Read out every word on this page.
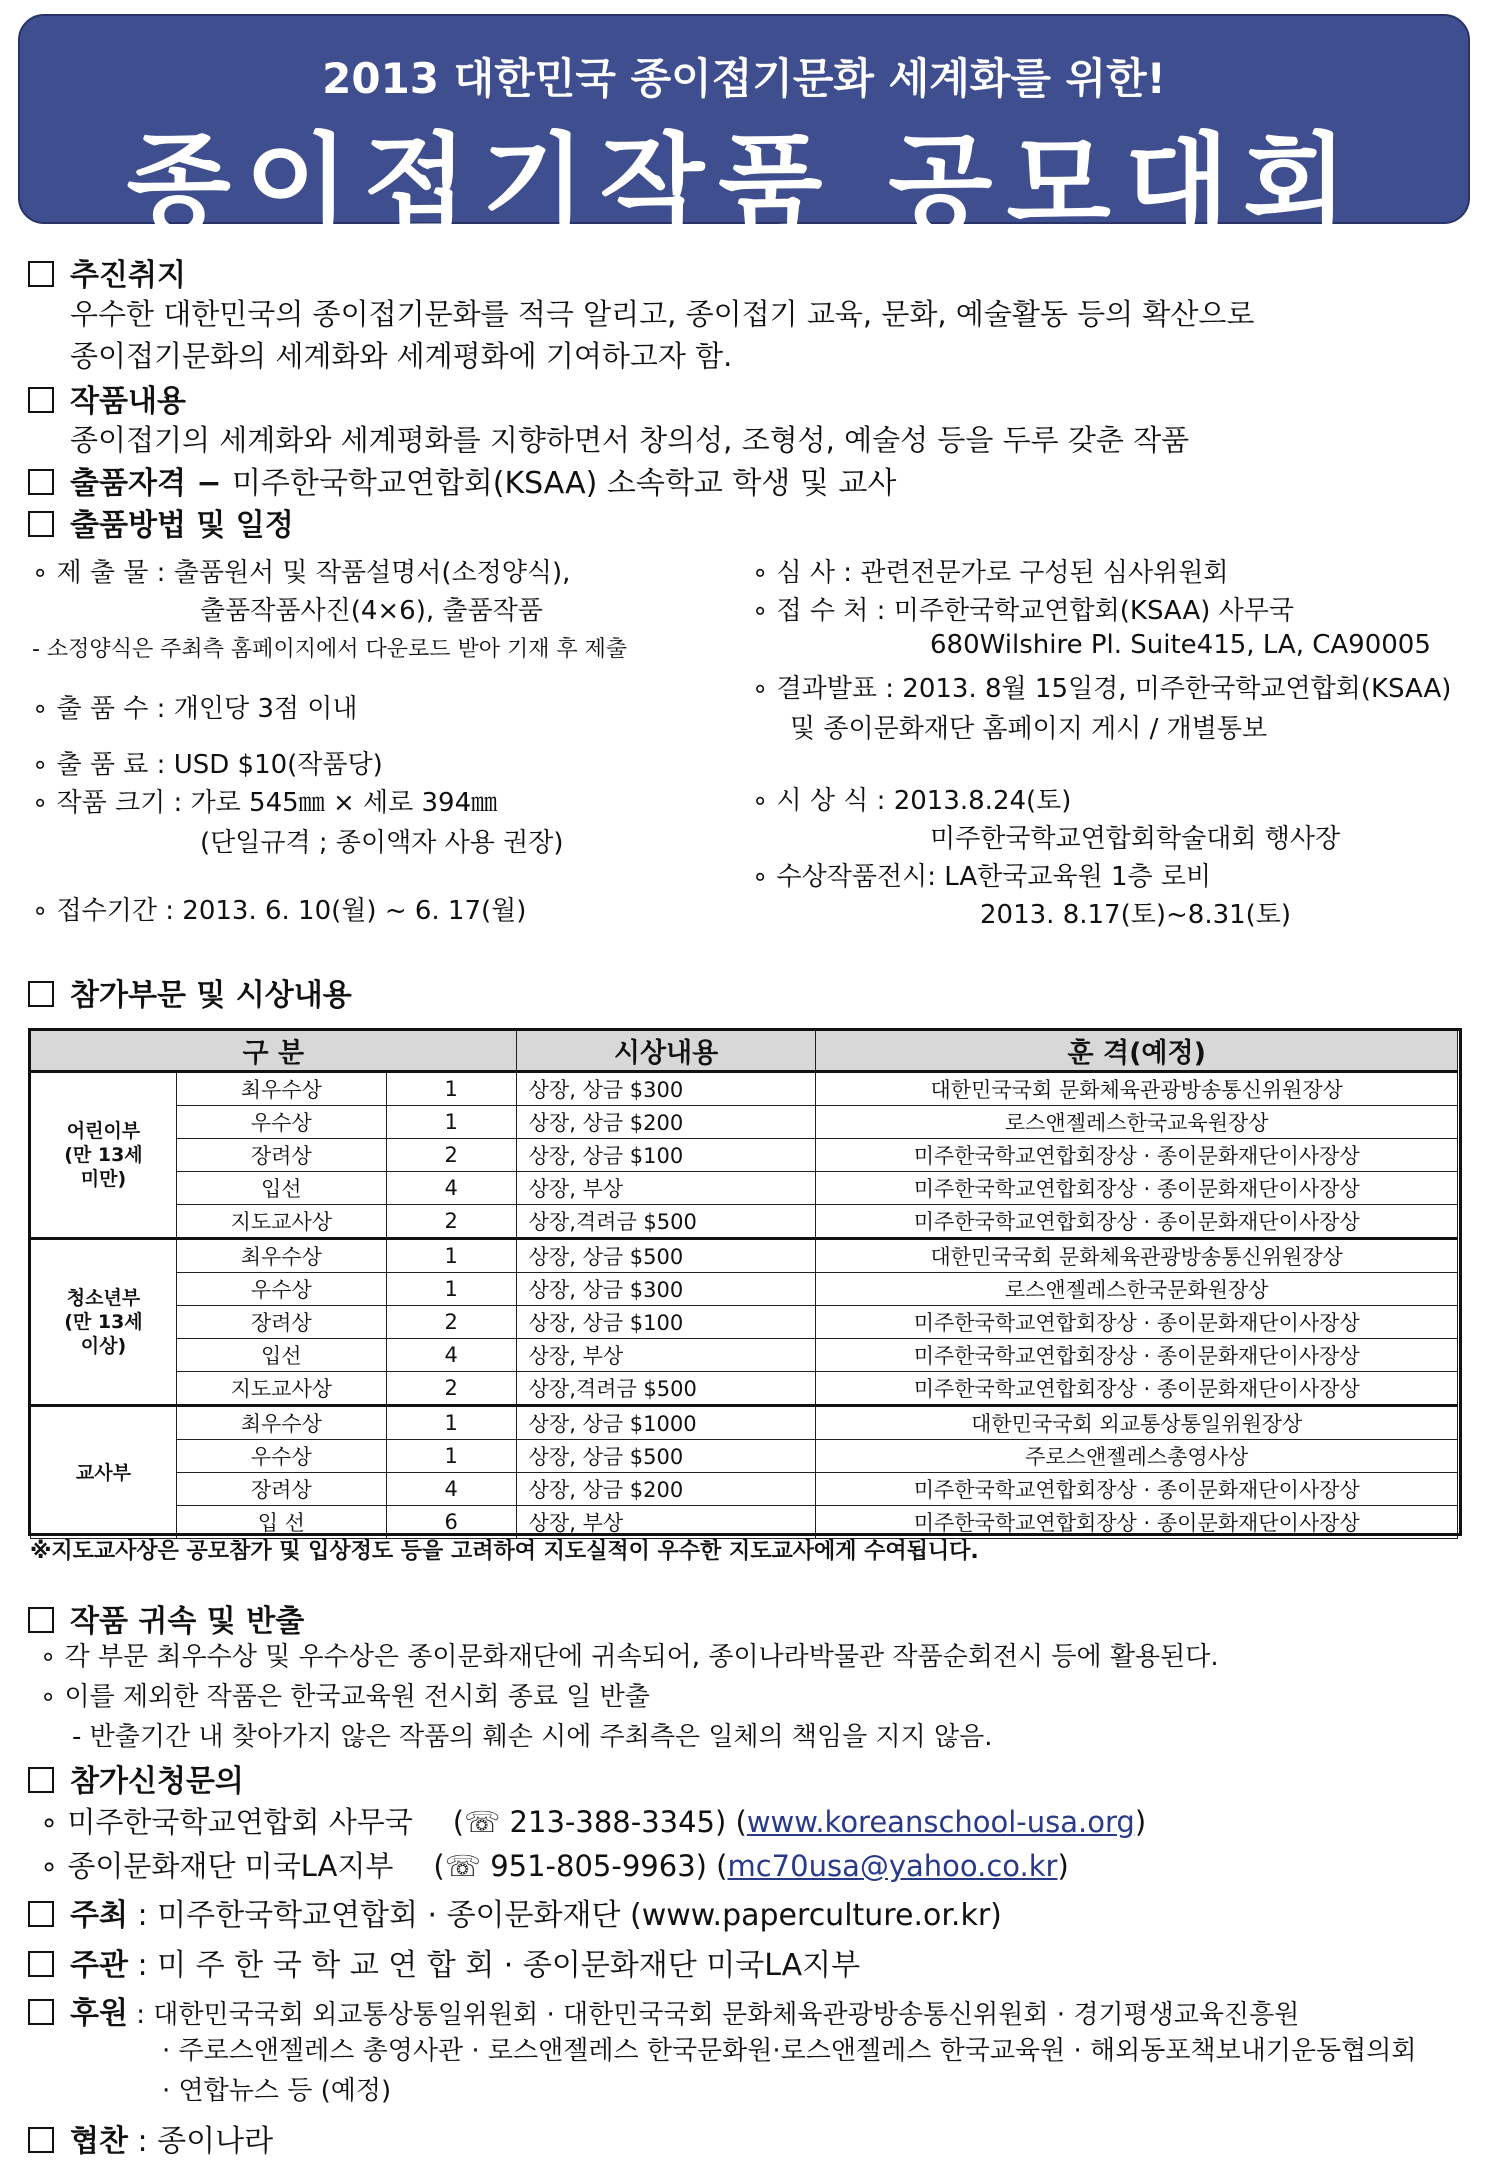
2013 대한민국 종이접기문화 세계화를 위한!
종이접기작품 공모대회
추진취지
우수한 대한민국의 종이접기문화를 적극 알리고, 종이접기 교육, 문화, 예술활동 등의 확산으로
종이접기문화의 세계화와 세계평화에 기여하고자 함.
작품내용
종이접기의 세계화와 세계평화를 지향하면서 창의성, 조형성, 예술성 등을 두루 갖춘 작품
출품자격 − 미주한국학교연합회(KSAA) 소속학교 학생 및 교사
출품방법 및 일정
∘ 제 출 물 : 출품원서 및 작품설명서(소정양식),
출품작품사진(4×6), 출품작품
- 소정양식은 주최측 홈페이지에서 다운로드 받아 기재 후 제출
∘ 출 품 수 : 개인당 3점 이내
∘ 출 품 료 : USD $10(작품당)
∘ 작품 크기 : 가로 545㎜ × 세로 394㎜
(단일규격 ; 종이액자 사용 권장)
∘ 접수기간 : 2013. 6. 10(월) ~ 6. 17(월)
∘ 심 사 : 관련전문가로 구성된 심사위원회
∘ 접 수 처 : 미주한국학교연합회(KSAA) 사무국
680Wilshire Pl. Suite415, LA, CA90005
∘ 결과발표 : 2013. 8월 15일경, 미주한국학교연합회(KSAA)
및 종이문화재단 홈페이지 게시 / 개별통보
∘ 시 상 식 : 2013.8.24(토)
미주한국학교연합회학술대회 행사장
∘ 수상작품전시: LA한국교육원 1층 로비
2013. 8.17(토)~8.31(토)
참가부문 및 시상내용
구 분			시상내용	훈 격(예정)

어린이부
(만 13세
미만)	최우수상	1	상장, 상금 $300	대한민국국회 문화체육관광방송통신위원장상
	우수상	1	상장, 상금 $200	로스앤젤레스한국교육원장상
	장려상	2	상장, 상금 $100	미주한국학교연합회장상 · 종이문화재단이사장상
	입선	4	상장, 부상	미주한국학교연합회장상 · 종이문화재단이사장상
	지도교사상	2	상장,격려금 $500	미주한국학교연합회장상 · 종이문화재단이사장상

청소년부
(만 13세
이상)	최우수상	1	상장, 상금 $500	대한민국국회 문화체육관광방송통신위원장상
	우수상	1	상장, 상금 $300	로스앤젤레스한국문화원장상
	장려상	2	상장, 상금 $100	미주한국학교연합회장상 · 종이문화재단이사장상
	입선	4	상장, 부상	미주한국학교연합회장상 · 종이문화재단이사장상
	지도교사상	2	상장,격려금 $500	미주한국학교연합회장상 · 종이문화재단이사장상

교사부	최우수상	1	상장, 상금 $1000	대한민국국회 외교통상통일위원장상
	우수상	1	상장, 상금 $500	주로스앤젤레스총영사상
	장려상	4	상장, 상금 $200	미주한국학교연합회장상 · 종이문화재단이사장상
	입 선	6	상장, 부상	미주한국학교연합회장상 · 종이문화재단이사장상
※지도교사상은 공모참가 및 입상정도 등을 고려하여 지도실적이 우수한 지도교사에게 수여됩니다.
작품 귀속 및 반출
∘ 각 부문 최우수상 및 우수상은 종이문화재단에 귀속되어, 종이나라박물관 작품순회전시 등에 활용된다.
∘ 이를 제외한 작품은 한국교육원 전시회 종료 일 반출
- 반출기간 내 찾아가지 않은 작품의 훼손 시에 주최측은 일체의 책임을 지지 않음.
참가신청문의
∘ 미주한국학교연합회 사무국 (☏ 213-388-3345) (www.koreanschool-usa.org)
∘ 종이문화재단 미국LA지부 (☏ 951-805-9963) (mc70usa@yahoo.co.kr)
주최 : 미주한국학교연합회 · 종이문화재단 (www.paperculture.or.kr)
주관 : 미 주 한 국 학 교 연 합 회 · 종이문화재단 미국LA지부
후원 : 대한민국국회 외교통상통일위원회 · 대한민국국회 문화체육관광방송통신위원회 · 경기평생교육진흥원
· 주로스앤젤레스 총영사관 · 로스앤젤레스 한국문화원·로스앤젤레스 한국교육원 · 해외동포책보내기운동협의회
· 연합뉴스 등 (예정)
협찬 : 종이나라
